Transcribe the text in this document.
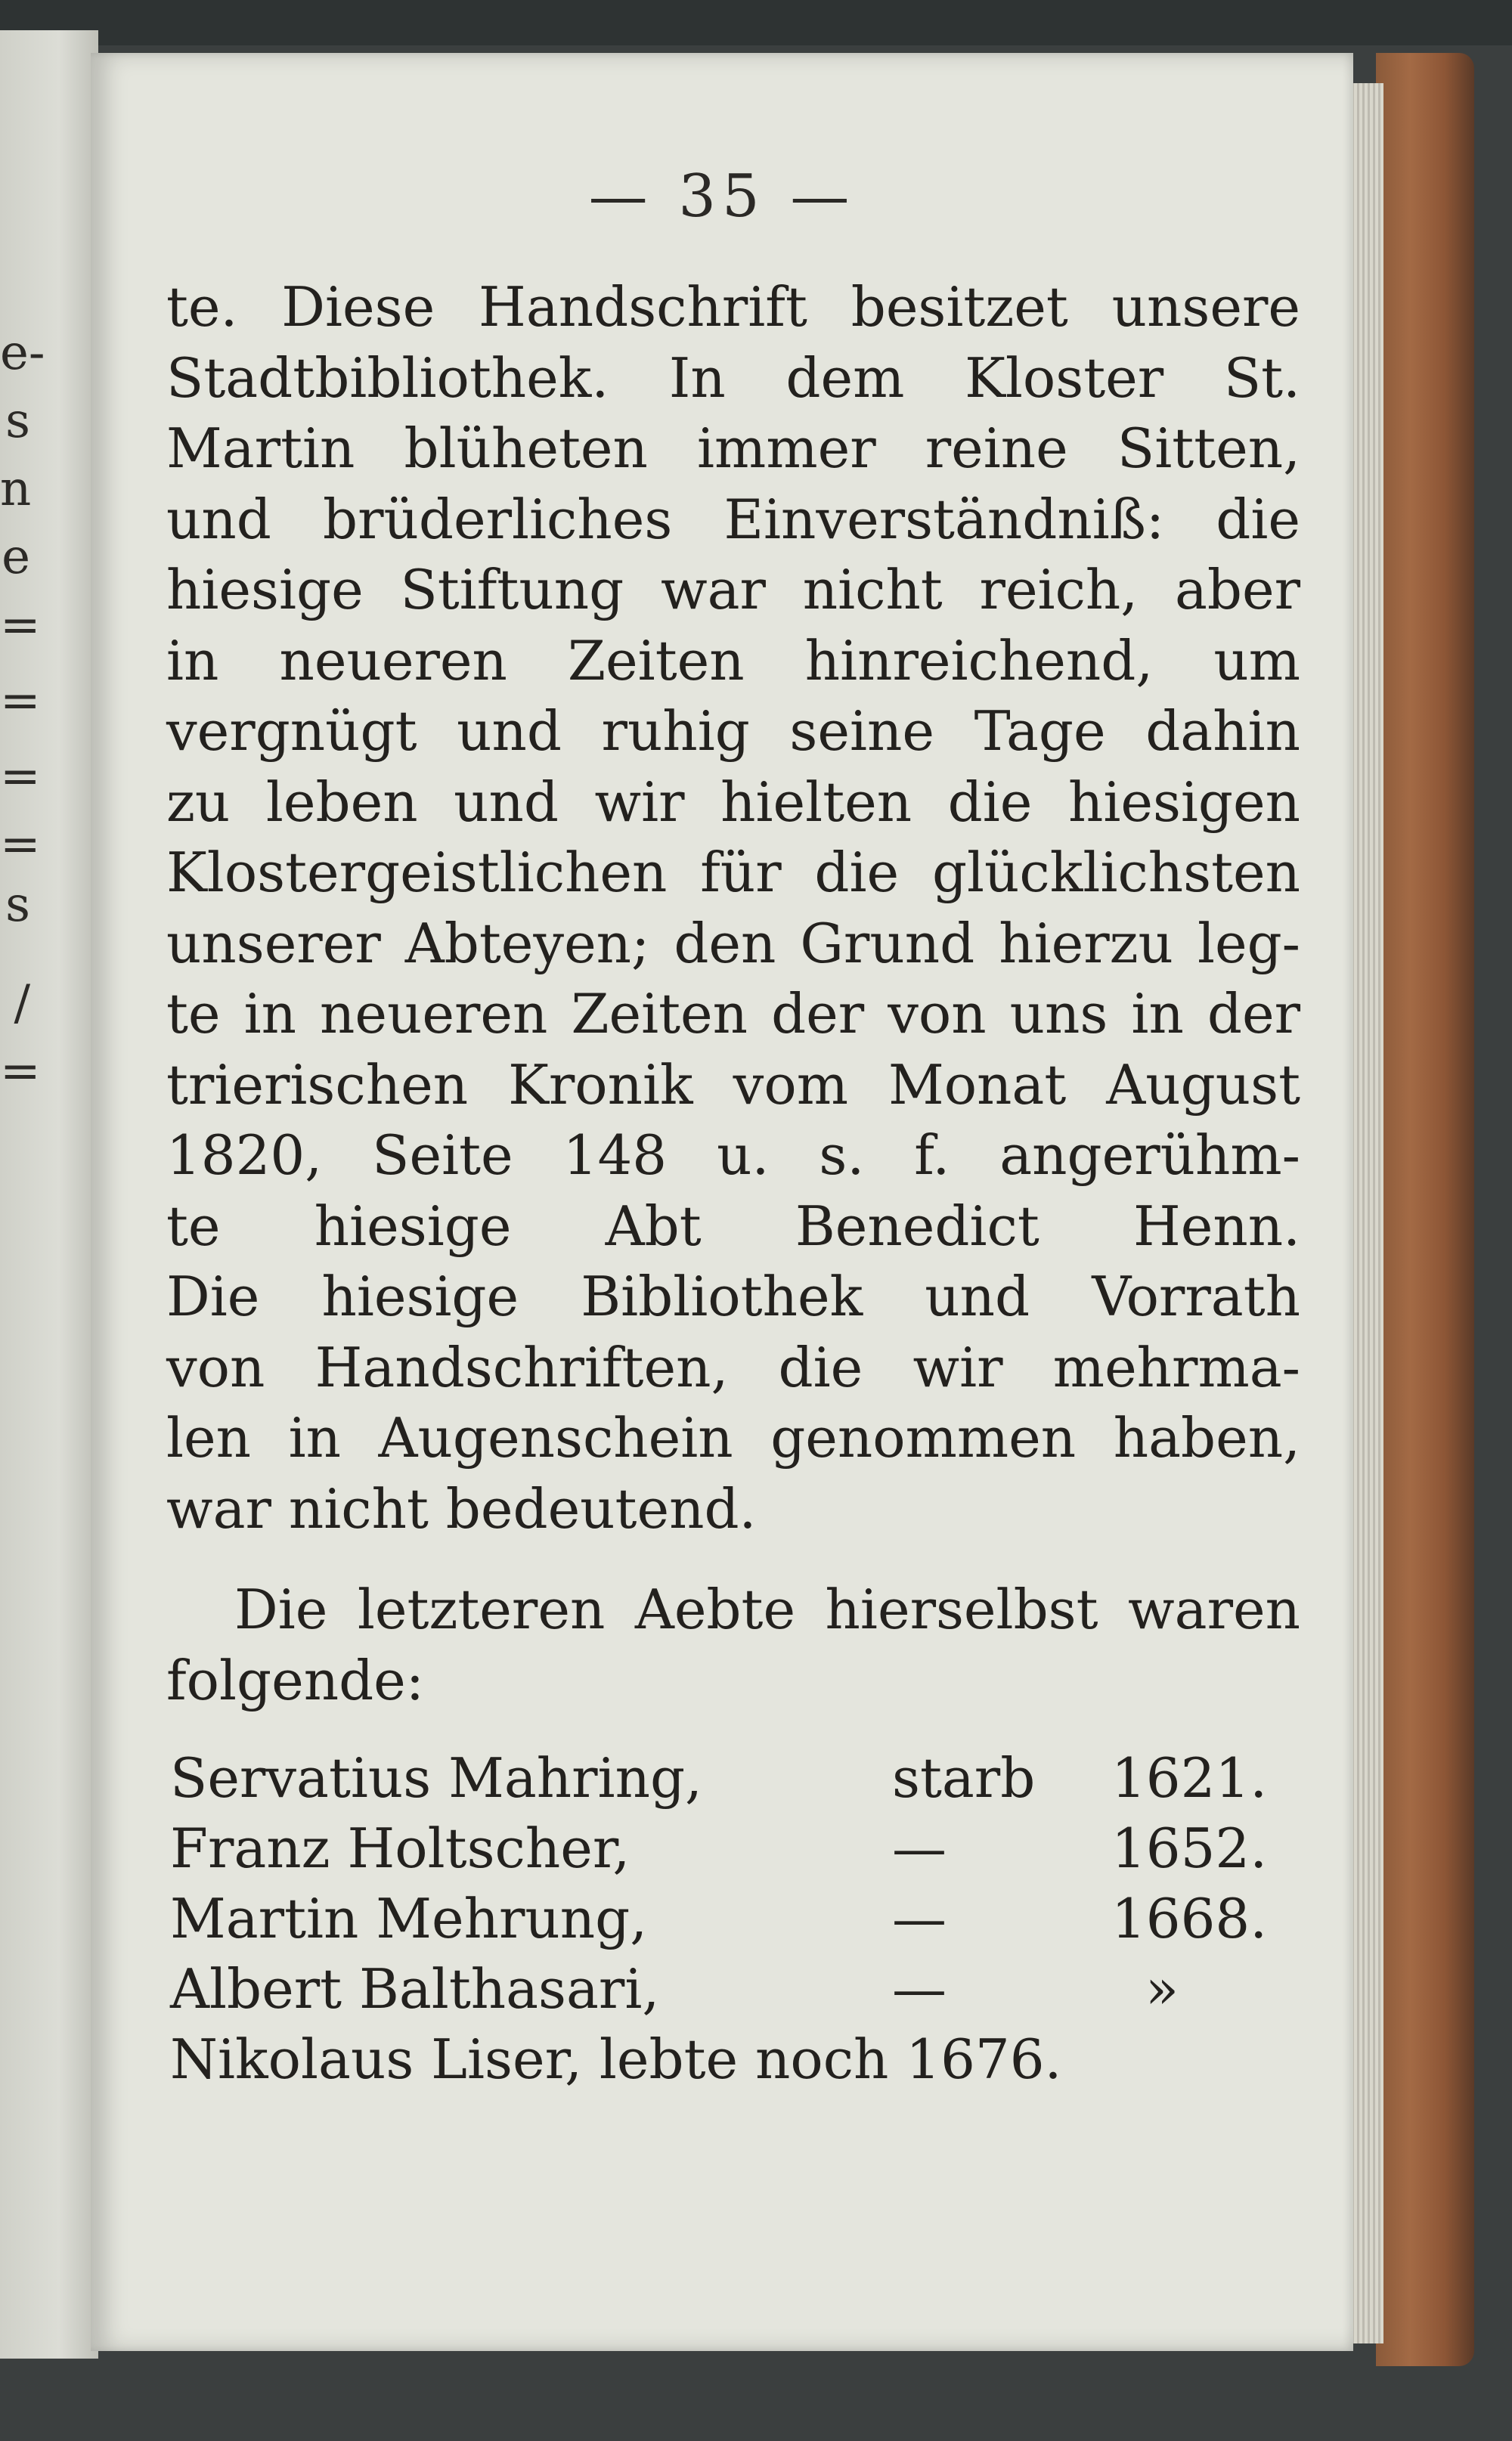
e-
s
n
e
=
=
=
=
s
/
=
— 35 —
te. Diese Handschrift besitzet unsere
Stadtbibliothek. In dem Kloster St.
Martin blüheten immer reine Sitten,
und brüderliches Einverständniß: die
hiesige Stiftung war nicht reich, aber
in neueren Zeiten hinreichend, um
vergnügt und ruhig seine Tage dahin
zu leben und wir hielten die hiesigen
Klostergeistlichen für die glücklichsten
unserer Abteyen; den Grund hierzu leg-
te in neueren Zeiten der von uns in der
trierischen Kronik vom Monat August
1820, Seite 148 u. s. f. angerühm-
te hiesige Abt Benedict Henn.
Die hiesige Bibliothek und Vorrath
von Handschriften, die wir mehrma-
len in Augenschein genommen haben,
war nicht bedeutend.
Die letzteren Aebte hierselbst waren
folgende:
Servatius Mahring,	starb 1621.
Franz Holtscher,	—	1652.
Martin Mehrung,	—	1668.
Albert Balthasari,	—	»
Nikolaus Liser, lebte noch 1676.
